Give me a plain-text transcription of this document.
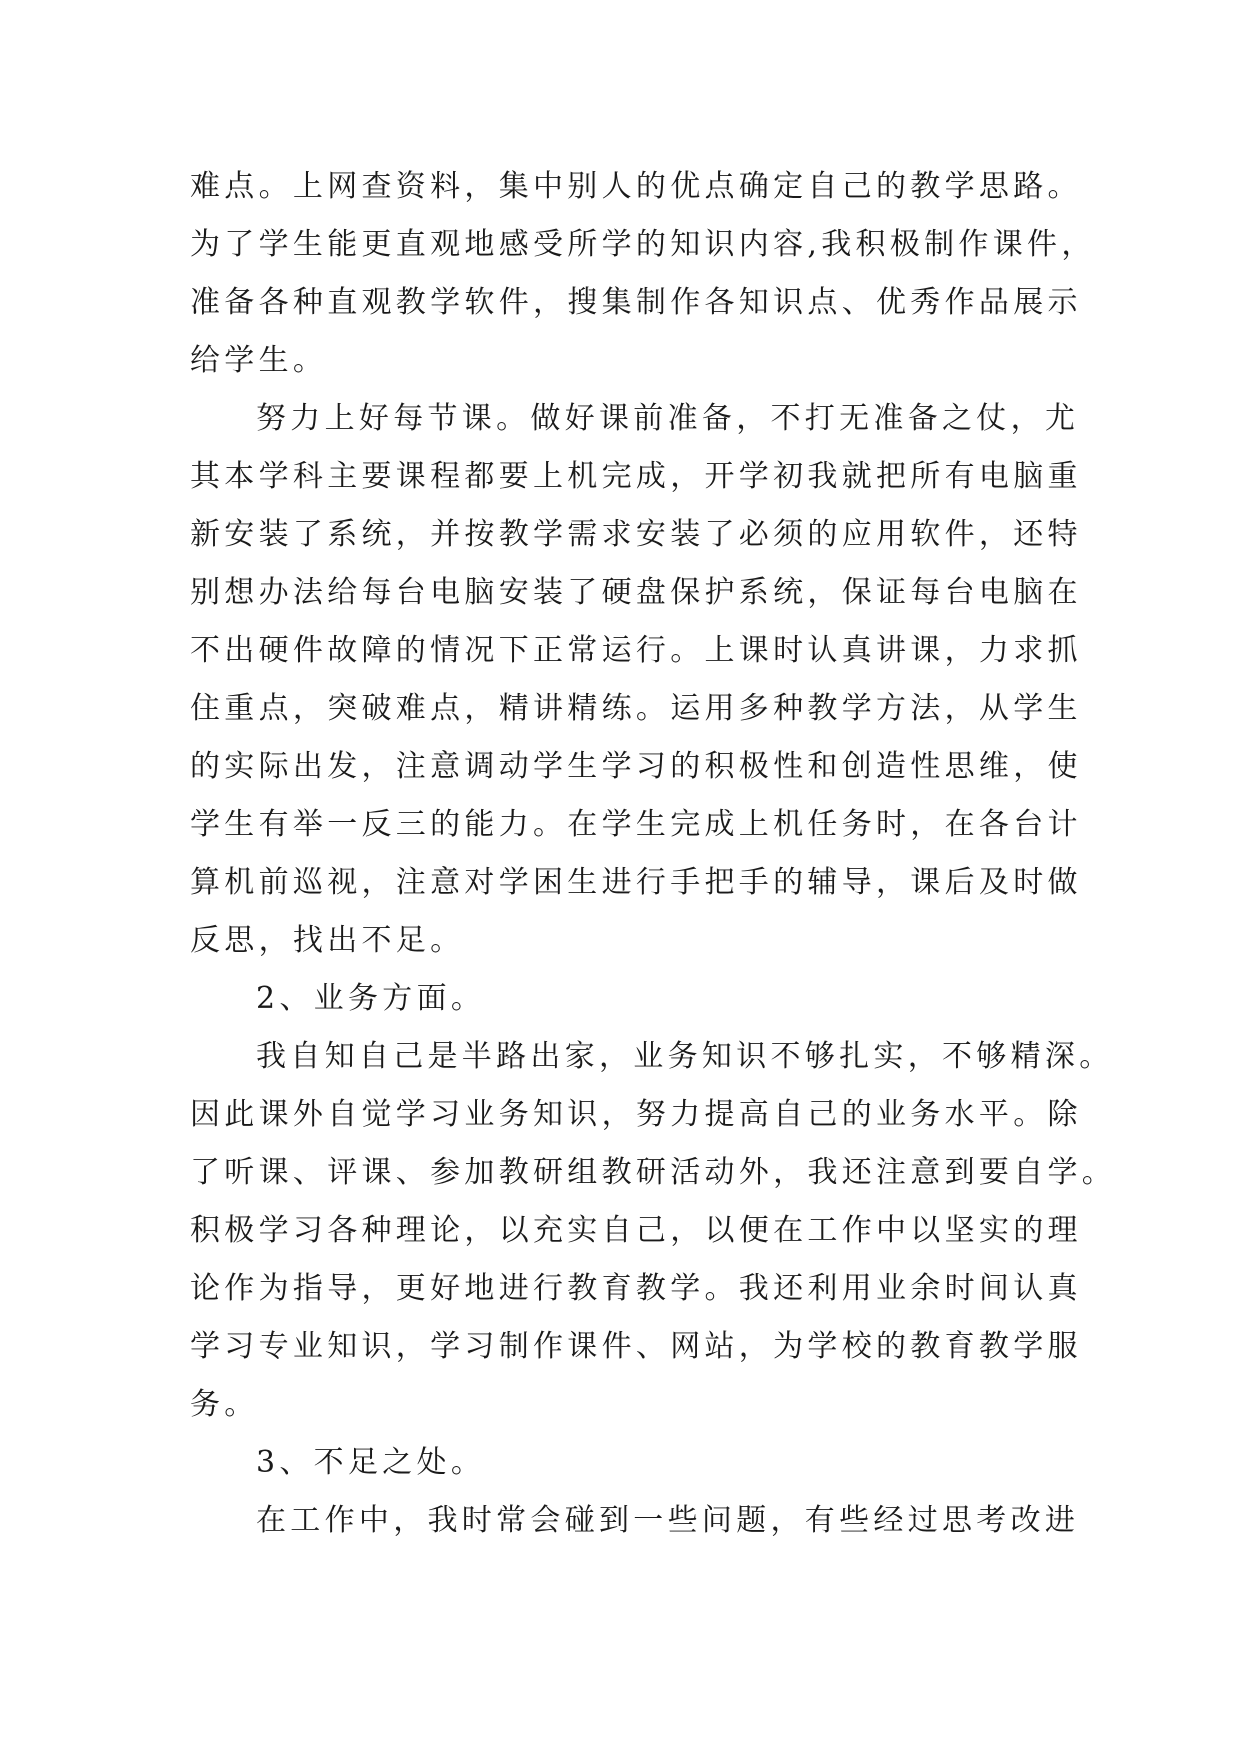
难点。上网查资料，集中别人的优点确定自己的教学思路。
为了学生能更直观地感受所学的知识内容,我积极制作课件，
准备各种直观教学软件，搜集制作各知识点、优秀作品展示
给学生。
努力上好每节课。做好课前准备，不打无准备之仗，尤
其本学科主要课程都要上机完成，开学初我就把所有电脑重
新安装了系统，并按教学需求安装了必须的应用软件，还特
别想办法给每台电脑安装了硬盘保护系统，保证每台电脑在
不出硬件故障的情况下正常运行。上课时认真讲课，力求抓
住重点，突破难点，精讲精练。运用多种教学方法，从学生
的实际出发，注意调动学生学习的积极性和创造性思维，使
学生有举一反三的能力。在学生完成上机任务时，在各台计
算机前巡视，注意对学困生进行手把手的辅导，课后及时做
反思，找出不足。
2、业务方面。
我自知自己是半路出家，业务知识不够扎实，不够精深。
因此课外自觉学习业务知识，努力提高自己的业务水平。除
了听课、评课、参加教研组教研活动外，我还注意到要自学。
积极学习各种理论，以充实自己，以便在工作中以坚实的理
论作为指导，更好地进行教育教学。我还利用业余时间认真
学习专业知识，学习制作课件、网站，为学校的教育教学服
务。
3、不足之处。
在工作中，我时常会碰到一些问题，有些经过思考改进
